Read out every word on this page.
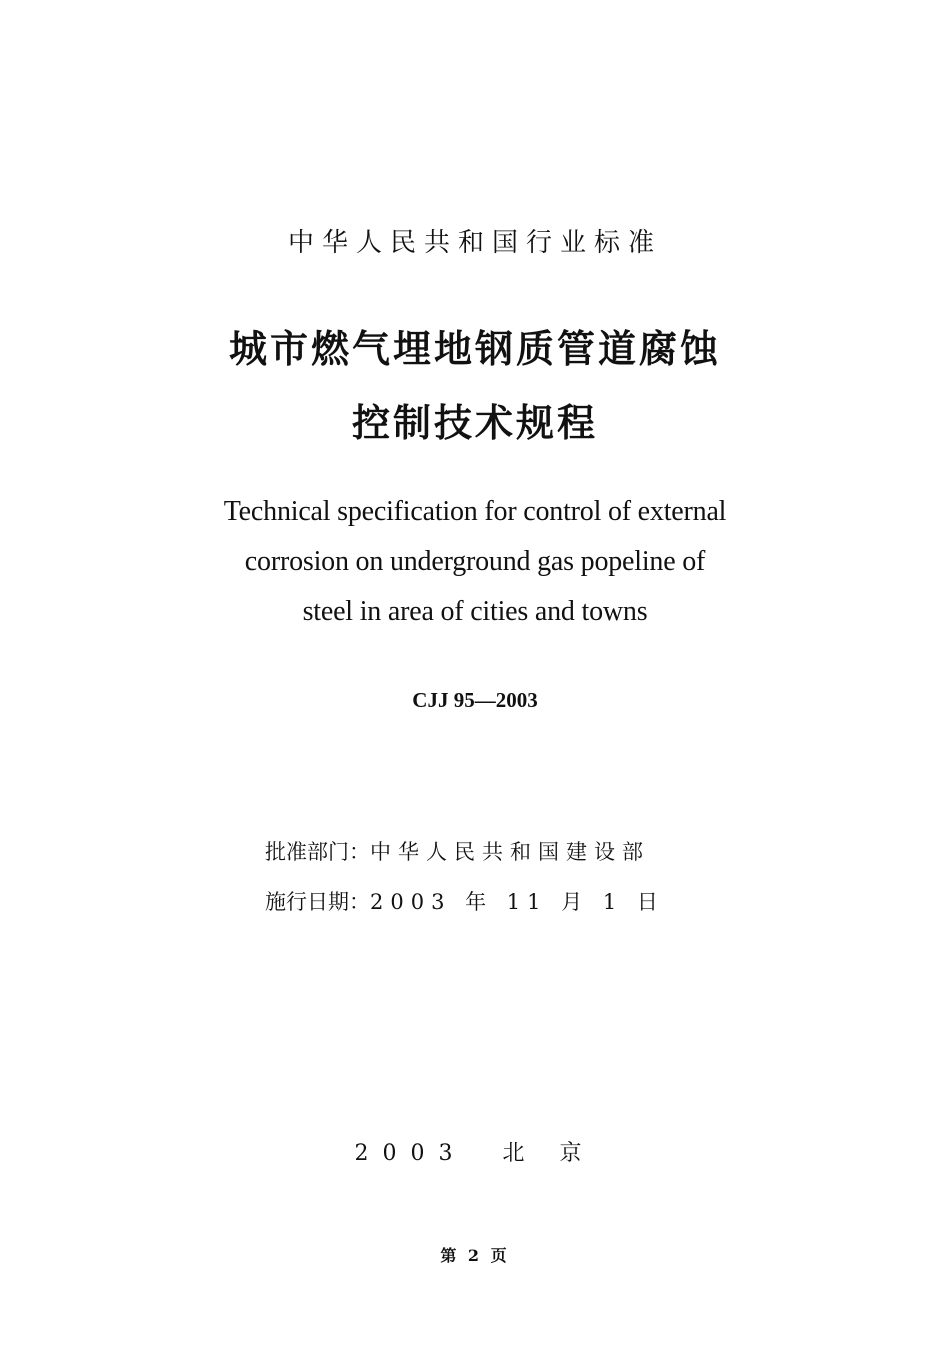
中华人民共和国行业标准
城市燃气埋地钢质管道腐蚀
控制技术规程
Technical specification for control of external
corrosion on underground gas popeline of
steel in area of cities and towns
CJJ 95—2003
批准部门：中华人民共和国建设部
施行日期：2003 年 11 月 1 日
2003　北 京
第 2 页
